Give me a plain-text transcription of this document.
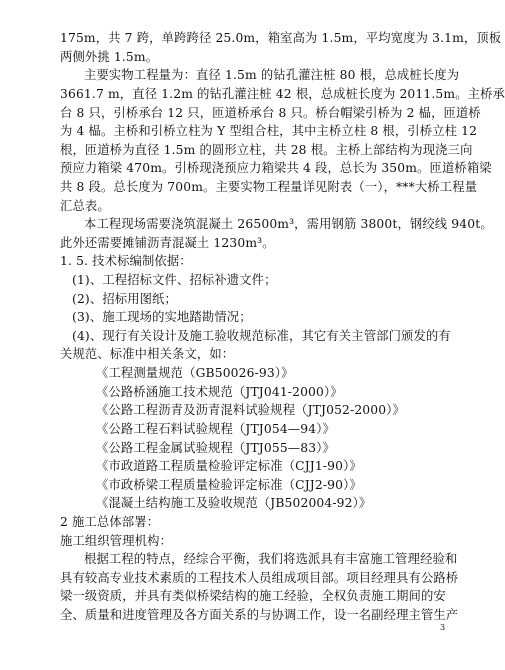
175m，共 7 跨，单跨跨径 25.0m，箱室高为 1.5m，平均宽度为 3.1m，顶板
两侧外挑 1.5m。
主要实物工程量为：直径 1.5m 的钻孔灌注桩 80 根，总成桩长度为
3661.7 m，直径 1.2m 的钻孔灌注桩 42 根，总成桩长度为 2011.5m。主桥承
台 8 只，引桥承台 12 只，匝道桥承台 8 只。桥台帽梁引桥为 2 榀，匝道桥
为 4 榀。主桥和引桥立柱为 Y 型组合柱，其中主桥立柱 8 根，引桥立柱 12
根，匝道桥为直径 1.5m 的圆形立柱，共 28 根。主桥上部结构为现浇三向
预应力箱梁 470m。引桥现浇预应力箱梁共 4 段，总长为 350m。匝道桥箱梁
共 8 段。总长度为 700m。主要实物工程量详见附表（一），***大桥工程量
汇总表。
本工程现场需要浇筑混凝土 26500m³，需用钢筋 3800t，钢绞线 940t。
此外还需要摊铺沥青混凝土 1230m³。
1. 5. 技术标编制依据：
(1)、工程招标文件、招标补遗文件；
(2)、招标用图纸；
(3)、施工现场的实地踏勘情况；
(4)、现行有关设计及施工验收规范标准，其它有关主管部门颁发的有
关规范、标准中相关条文，如：
《工程测量规范（GB50026-93）》
《公路桥涵施工技术规范（JTJ041-2000）》
《公路工程沥青及沥青混料试验规程（JTJ052-2000）》
《公路工程石料试验规程（JTJ054—94）》
《公路工程金属试验规程（JTJ055—83）》
《市政道路工程质量检验评定标准（CJJ1-90）》
《市政桥梁工程质量检验评定标准（CJJ2-90）》
《混凝土结构施工及验收规范（JB502004-92）》
2 施工总体部署：
施工组织管理机构：
根据工程的特点，经综合平衡，我们将选派具有丰富施工管理经验和
具有较高专业技术素质的工程技术人员组成项目部。项目经理具有公路桥
梁一级资质，并具有类似桥梁结构的施工经验，全权负责施工期间的安
全、质量和进度管理及各方面关系的与协调工作，设一名副经理主管生产
3
